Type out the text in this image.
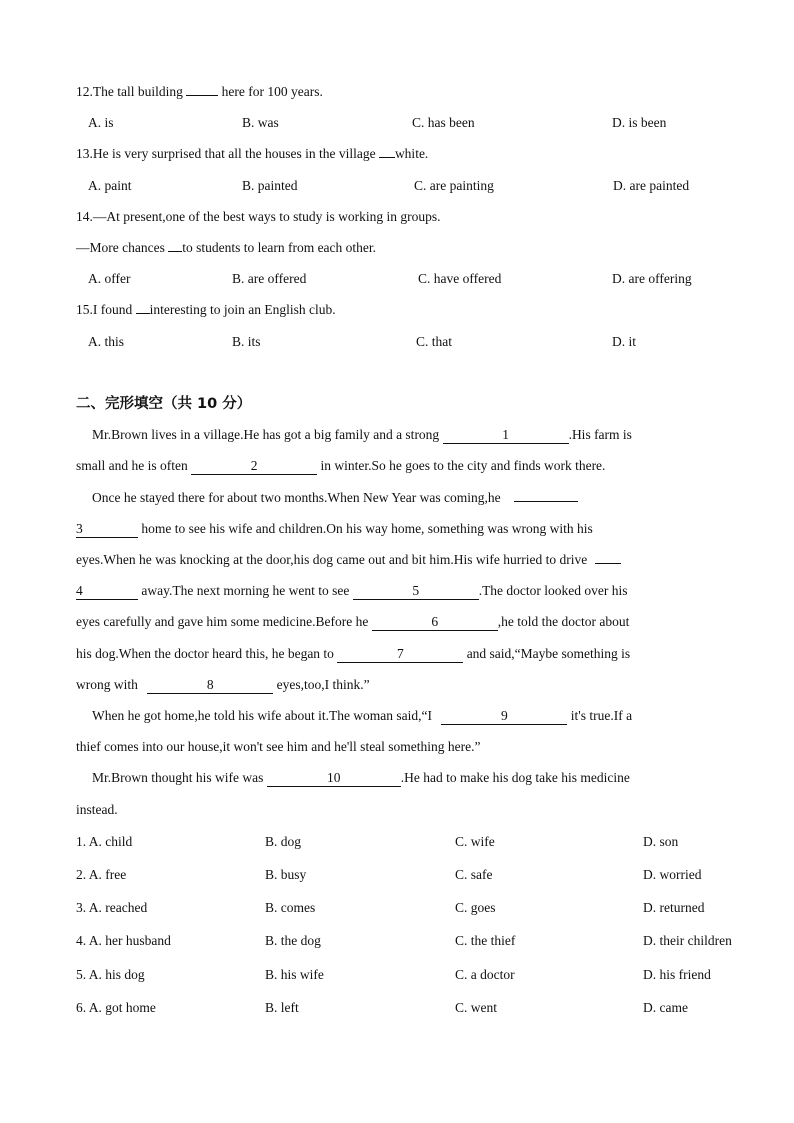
12.The tall building	here for 100 years.
A. is	B. was	C. has been	D. is been
13.He is very surprised that all the houses in the village white.
A. paint	B. painted	C. are painting	D. are painted
14.—At present,one of the best ways to study is working in groups.
—More chances to students to learn from each other.
A. offer	B. are offered	C. have offered	D. are offering
15.I found interesting to join an English club.
A. this	B. its	C. that	D. it
二、完形填空（共 10 分）
Mr.Brown lives in a village.He has got a big family and a strong	1	.His farm is
small and he is often	2	in winter.So he goes to the city and finds work there.
Once he stayed there for about two months.When New Year was coming,he
3	home to see his wife and children.On his way home, something was wrong with his
eyes.When he was knocking at the door,his dog came out and bit him.His wife hurried to drive
4	away.The next morning he went to see	5	.The doctor looked over his
eyes carefully and gave him some medicine.Before he	6	,he told the doctor about
his dog.When the doctor heard this, he began to	7	and said,“Maybe something is
wrong with	8	eyes,too,I think.”
When he got home,he told his wife about it.The woman said,“I	9	it's true.If a
thief comes into our house,it won't see him and he'll steal something here.”
Mr.Brown thought his wife was	10	.He had to make his dog take his medicine
instead.
1. A. child	B. dog	C. wife	D. son
2. A. free	B. busy	C. safe	D. worried
3. A. reached	B. comes	C. goes	D. returned
4. A. her husband	B. the dog	C. the thief	D. their children
5. A. his dog	B. his wife	C. a doctor	D. his friend
6. A. got home	B. left	C. went	D. came
